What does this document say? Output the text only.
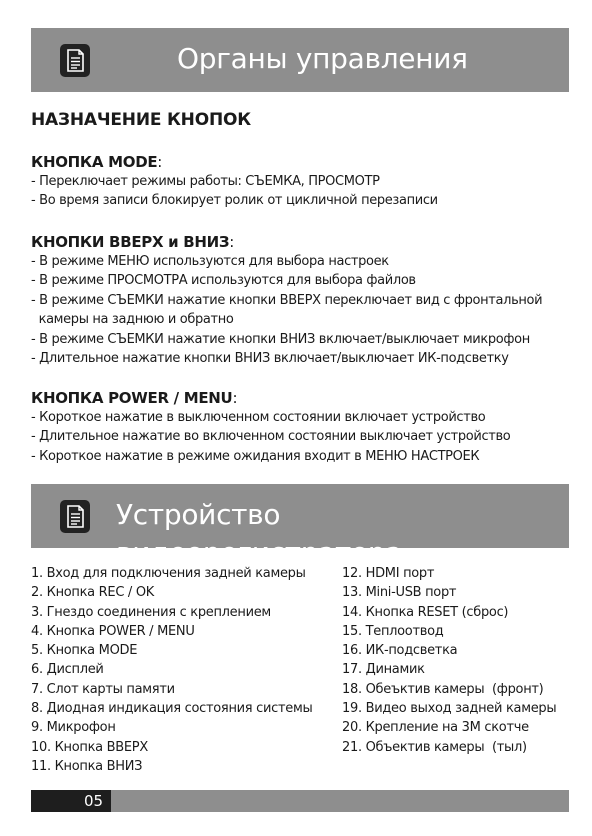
Органы управления
НАЗНАЧЕНИЕ КНОПОК
КНОПКА MODE:
- Переключает режимы работы: СЪЕМКА, ПРОСМОТР
- Во время записи блокирует ролик от цикличной перезаписи
КНОПКИ ВВЕРХ и ВНИЗ:
- В режиме МЕНЮ используются для выбора настроек
- В режиме ПРОСМОТРА используются для выбора файлов
- В режиме СЪЕМКИ нажатие кнопки ВВЕРХ переключает вид с фронтальной
камеры на заднюю и обратно
- В режиме СЪЕМКИ нажатие кнопки ВНИЗ включает/выключает микрофон
- Длительное нажатие кнопки ВНИЗ включает/выключает ИК-подсветку
КНОПКА POWER / MENU:
- Короткое нажатие в выключенном состоянии включает устройство
- Длительное нажатие во включенном состоянии выключает устройство
- Короткое нажатие в режиме ожидания входит в МЕНЮ НАСТРОЕК
Устройство видеорегистратора
1. Вход для подключения задней камеры
2. Кнопка REC / OK
3. Гнездо соединения с креплением
4. Кнопка POWER / MENU
5. Кнопка MODE
6. Дисплей
7. Слот карты памяти
8. Диодная индикация состояния системы
9. Микрофон
10. Кнопка ВВЕРХ
11. Кнопка ВНИЗ
12. HDMI порт
13. Mini-USB порт
14. Кнопка RESET (сброс)
15. Теплоотвод
16. ИК-подсветка
17. Динамик
18. Обеъктив камеры  (фронт)
19. Видео выход задней камеры
20. Крепление на 3М скотче
21. Объектив камеры  (тыл)
05
